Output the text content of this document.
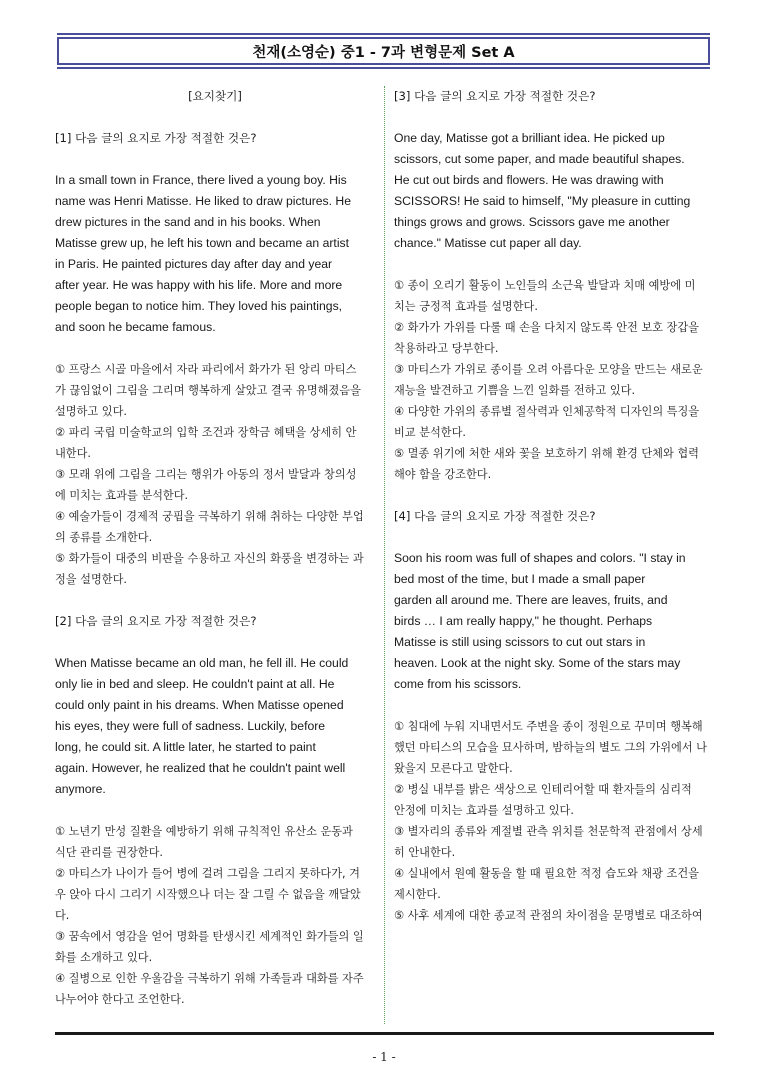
천재(소영순) 중1 - 7과 변형문제 Set A

[요지찾기]

[1] 다음 글의 요지로 가장 적절한 것은?

In a small town in France, there lived a young boy. His

name was Henri Matisse. He liked to draw pictures. He

drew pictures in the sand and in his books. When

Matisse grew up, he left his town and became an artist

in Paris. He painted pictures day after day and year

after year. He was happy with his life. More and more

people began to notice him. They loved his paintings,

and soon he became famous.

① 프랑스 시골 마을에서 자라 파리에서 화가가 된 앙리 마티스

가 끊임없이 그림을 그리며 행복하게 살았고 결국 유명해졌음을

설명하고 있다.

② 파리 국립 미술학교의 입학 조건과 장학금 혜택을 상세히 안

내한다.

③ 모래 위에 그림을 그리는 행위가 아동의 정서 발달과 창의성

에 미치는 효과를 분석한다.

④ 예술가들이 경제적 궁핍을 극복하기 위해 취하는 다양한 부업

의 종류를 소개한다.

⑤ 화가들이 대중의 비판을 수용하고 자신의 화풍을 변경하는 과

정을 설명한다.

[2] 다음 글의 요지로 가장 적절한 것은?

When Matisse became an old man, he fell ill. He could

only lie in bed and sleep. He couldn't paint at all. He

could only paint in his dreams. When Matisse opened

his eyes, they were full of sadness. Luckily, before

long, he could sit. A little later, he started to paint

again. However, he realized that he couldn't paint well

anymore.

① 노년기 만성 질환을 예방하기 위해 규칙적인 유산소 운동과

식단 관리를 권장한다.

② 마티스가 나이가 들어 병에 걸려 그림을 그리지 못하다가, 겨

우 앉아 다시 그리기 시작했으나 더는 잘 그릴 수 없음을 깨달았

다.

③ 꿈속에서 영감을 얻어 명화를 탄생시킨 세계적인 화가들의 일

화를 소개하고 있다.

④ 질병으로 인한 우울감을 극복하기 위해 가족들과 대화를 자주

나누어야 한다고 조언한다.

[3] 다음 글의 요지로 가장 적절한 것은?

One day, Matisse got a brilliant idea. He picked up

scissors, cut some paper, and made beautiful shapes.

He cut out birds and flowers. He was drawing with

SCISSORS! He said to himself, "My pleasure in cutting

things grows and grows. Scissors gave me another

chance." Matisse cut paper all day.

① 종이 오리기 활동이 노인들의 소근육 발달과 치매 예방에 미

치는 긍정적 효과를 설명한다.

② 화가가 가위를 다룰 때 손을 다치지 않도록 안전 보호 장갑을

착용하라고 당부한다.

③ 마티스가 가위로 종이를 오려 아름다운 모양을 만드는 새로운

재능을 발견하고 기쁨을 느낀 일화를 전하고 있다.

④ 다양한 가위의 종류별 절삭력과 인체공학적 디자인의 특징을

비교 분석한다.

⑤ 멸종 위기에 처한 새와 꽃을 보호하기 위해 환경 단체와 협력

해야 함을 강조한다.

[4] 다음 글의 요지로 가장 적절한 것은?

Soon his room was full of shapes and colors. "I stay in

bed most of the time, but I made a small paper

garden all around me. There are leaves, fruits, and

birds … I am really happy," he thought. Perhaps

Matisse is still using scissors to cut out stars in

heaven. Look at the night sky. Some of the stars may

come from his scissors.

① 침대에 누워 지내면서도 주변을 종이 정원으로 꾸미며 행복해

했던 마티스의 모습을 묘사하며, 밤하늘의 별도 그의 가위에서 나

왔을지 모른다고 말한다.

② 병실 내부를 밝은 색상으로 인테리어할 때 환자들의 심리적

안정에 미치는 효과를 설명하고 있다.

③ 별자리의 종류와 계절별 관측 위치를 천문학적 관점에서 상세

히 안내한다.

④ 실내에서 원예 활동을 할 때 필요한 적정 습도와 채광 조건을

제시한다.

⑤ 사후 세계에 대한 종교적 관점의 차이점을 문명별로 대조하여

- 1 -
